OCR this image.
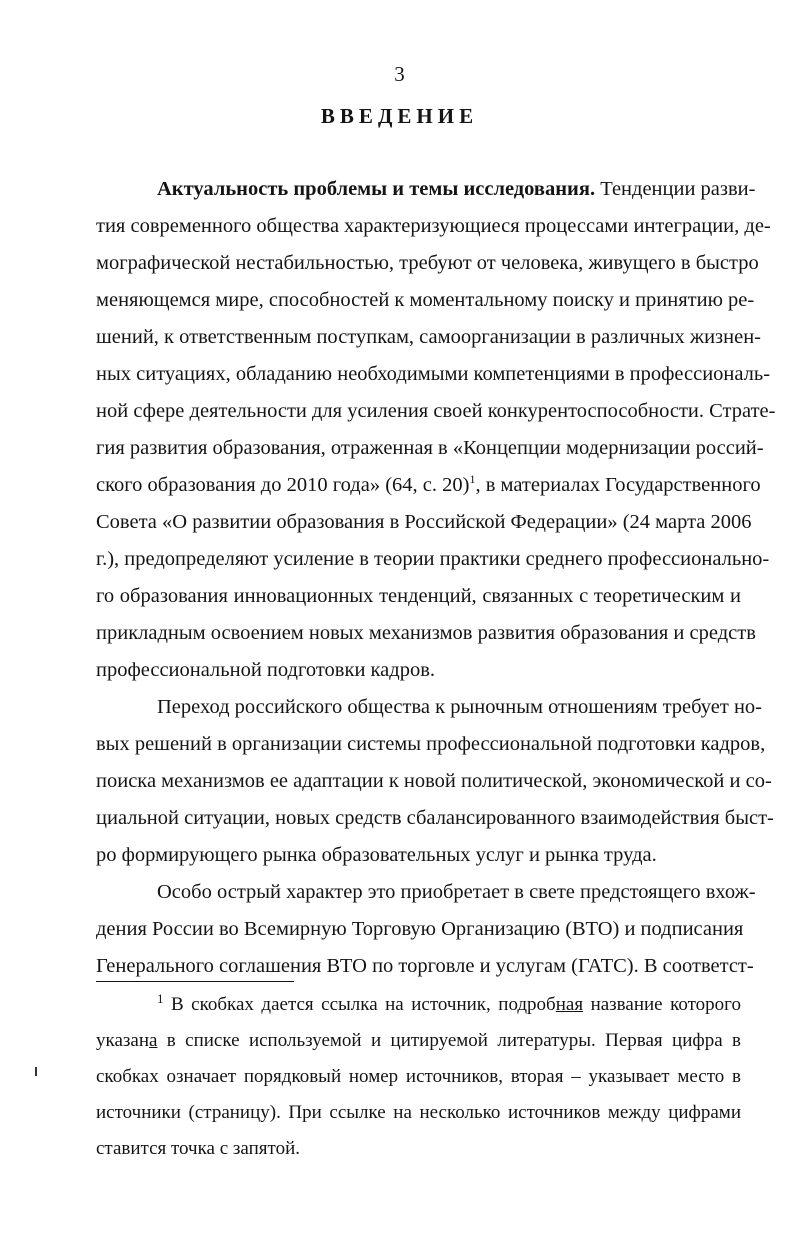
3
ВВЕДЕНИЕ
Актуальность проблемы и темы исследования. Тенденции разви-
тия современного общества характеризующиеся процессами интеграции, де-
мографической нестабильностью, требуют от человека, живущего в быстро
меняющемся мире, способностей к моментальному поиску и принятию ре-
шений, к ответственным поступкам, самоорганизации в различных жизнен-
ных ситуациях, обладанию необходимыми компетенциями в профессиональ-
ной сфере деятельности для усиления своей конкурентоспособности. Страте-
гия развития образования, отраженная в «Концепции модернизации россий-
ского образования до 2010 года» (64, с. 20)$^1$, в материалах Государственного
Совета «О развитии образования в Российской Федерации» (24 марта 2006
г.), предопределяют усиление в теории практики среднего профессионально-
го образования инновационных тенденций, связанных с теоретическим и
прикладным освоением новых механизмов развития образования и средств
профессиональной подготовки кадров.
Переход российского общества к рыночным отношениям требует но-
вых решений в организации системы профессиональной подготовки кадров,
поиска механизмов ее адаптации к новой политической, экономической и со-
циальной ситуации, новых средств сбалансированного взаимодействия быст-
ро формирующего рынка образовательных услуг и рынка труда.
Особо острый характер это приобретает в свете предстоящего вхож-
дения России во Всемирную Торговую Организацию (ВТО) и подписания
Генерального соглашения ВТО по торговле и услугам (ГАТС). В соответст-
$^1$ В скобках дается ссылка на источник, подробная название которого
указана в списке используемой и цитируемой литературы. Первая цифра в
скобках означает порядковый номер источников, вторая – указывает место в
источники (страницу). При ссылке на несколько источников между цифрами
ставится точка с запятой.
